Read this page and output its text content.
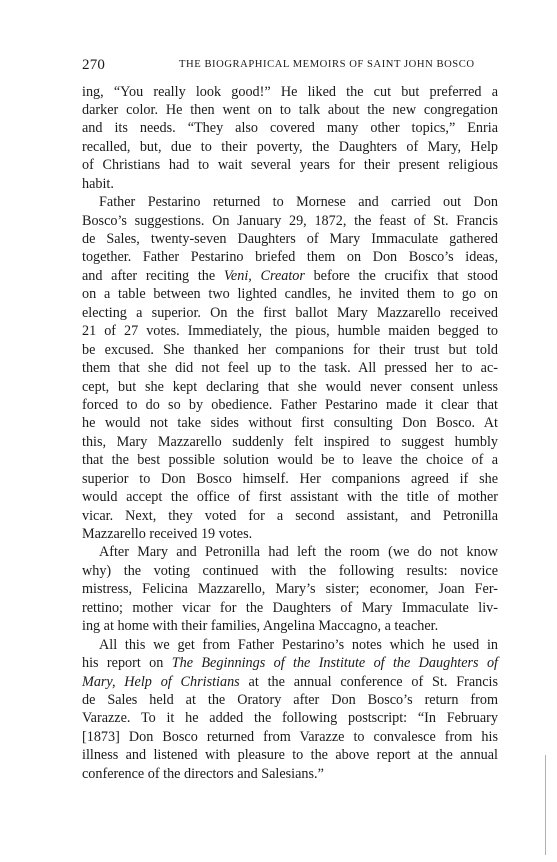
270	THE BIOGRAPHICAL MEMOIRS OF SAINT JOHN BOSCO
ing, “You really look good!” He liked the cut but preferred a
darker color. He then went on to talk about the new congregation
and its needs. “They also covered many other topics,” Enria
recalled, but, due to their poverty, the Daughters of Mary, Help
of Christians had to wait several years for their present religious
habit.
Father Pestarino returned to Mornese and carried out Don
Bosco’s suggestions. On January 29, 1872, the feast of St. Francis
de Sales, twenty-seven Daughters of Mary Immaculate gathered
together. Father Pestarino briefed them on Don Bosco’s ideas,
and after reciting the Veni, Creator before the crucifix that stood
on a table between two lighted candles, he invited them to go on
electing a superior. On the first ballot Mary Mazzarello received
21 of 27 votes. Immediately, the pious, humble maiden begged to
be excused. She thanked her companions for their trust but told
them that she did not feel up to the task. All pressed her to ac-
cept, but she kept declaring that she would never consent unless
forced to do so by obedience. Father Pestarino made it clear that
he would not take sides without first consulting Don Bosco. At
this, Mary Mazzarello suddenly felt inspired to suggest humbly
that the best possible solution would be to leave the choice of a
superior to Don Bosco himself. Her companions agreed if she
would accept the office of first assistant with the title of mother
vicar. Next, they voted for a second assistant, and Petronilla
Mazzarello received 19 votes.
After Mary and Petronilla had left the room (we do not know
why) the voting continued with the following results: novice
mistress, Felicina Mazzarello, Mary’s sister; economer, Joan Fer-
rettino; mother vicar for the Daughters of Mary Immaculate liv-
ing at home with their families, Angelina Maccagno, a teacher.
All this we get from Father Pestarino’s notes which he used in
his report on The Beginnings of the Institute of the Daughters of
Mary, Help of Christians at the annual conference of St. Francis
de Sales held at the Oratory after Don Bosco’s return from
Varazze. To it he added the following postscript: “In February
[1873] Don Bosco returned from Varazze to convalesce from his
illness and listened with pleasure to the above report at the annual
conference of the directors and Salesians.”
